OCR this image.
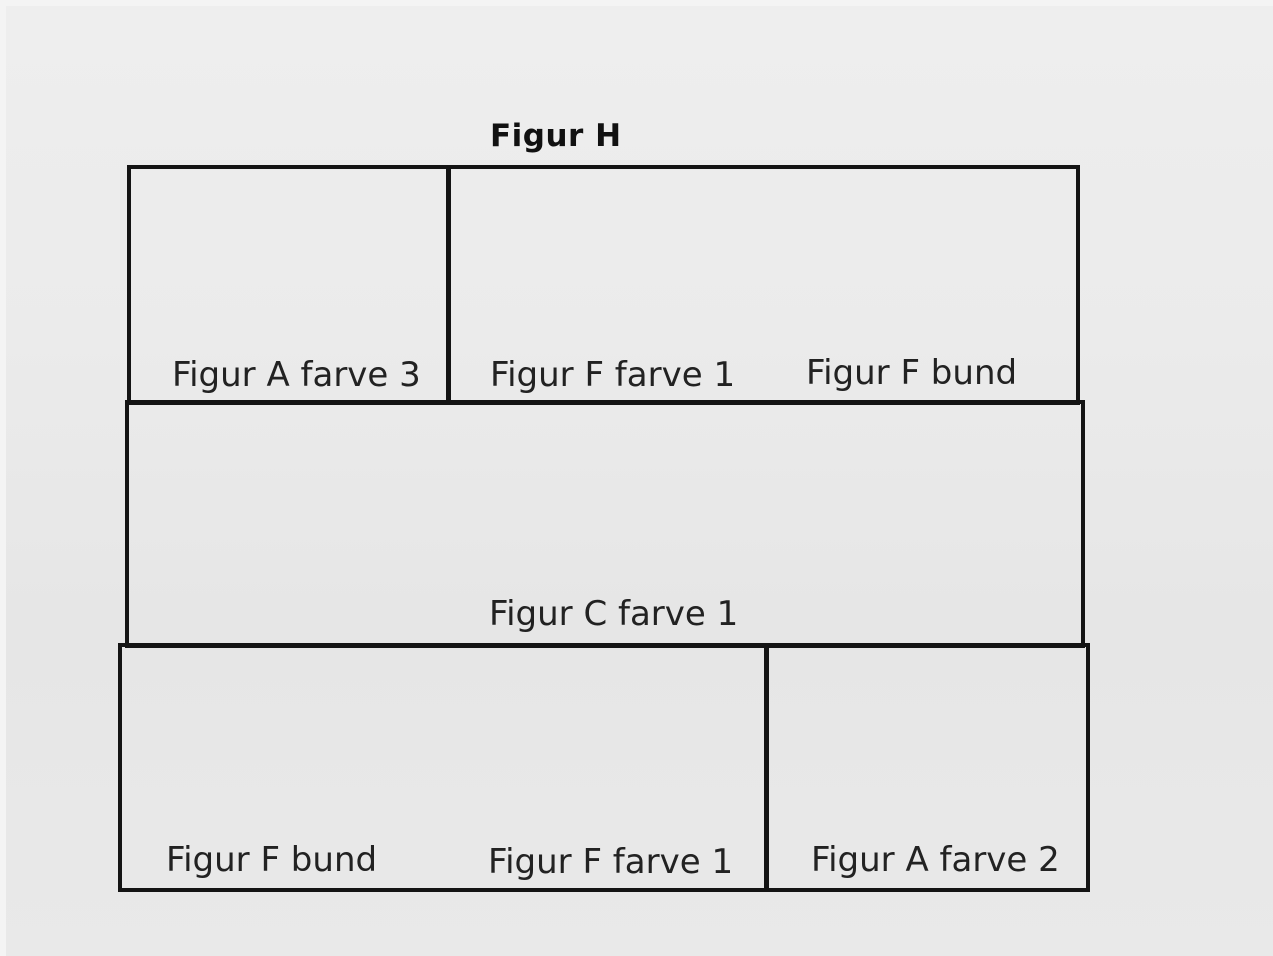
Figur H
Figur A farve 3 Figur F farve 1 Figur F bund
Figur C farve 1
Figur F bund	Figur F farve 1 Figur A farve 2
